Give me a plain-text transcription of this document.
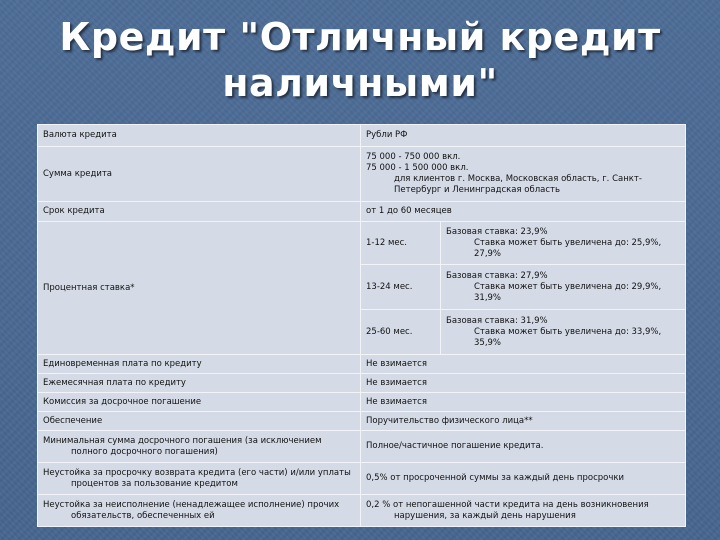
Кредит "Отличный кредит
наличными"
Валюта кредита	Рубли РФ	
Сумма кредита	75 000 - 750 000 вкл.
75 000 - 1 500 000 вкл.
для клиентов г. Москва, Московская область, г. Санкт-Петербург и Ленинградская область	

Срок кредита	от 1 до 60 месяцев	
Процентная ставка*	1-12 мес.	Базовая ставка: 23,9%
Ставка может быть увеличена до: 25,9%, 27,9%

	13-24 мес.	Базовая ставка: 27,9%
Ставка может быть увеличена до: 29,9%, 31,9%

	25-60 мес.	Базовая ставка: 31,9%
Ставка может быть увеличена до: 33,9%, 35,9%

Единовременная плата по кредиту	Не взимается	
Ежемесячная плата по кредиту	Не взимается	
Комиссия за досрочное погашение	Не взимается	
Обеспечение	Поручительство физического лица**	

Минимальная сумма досрочного погашения (за исключением полного досрочного погашения)	Полное/частичное погашение кредита.	

Неустойка за просрочку возврата кредита (его части) и/или уплаты процентов за пользование кредитом	0,5% от просроченной суммы за каждый день просрочки	

Неустойка за неисполнение (ненадлежащее исполнение) прочих обязательств, обеспеченных ей	0,2 % от непогашенной части кредита на день возникновения нарушения, за каждый день нарушения	
